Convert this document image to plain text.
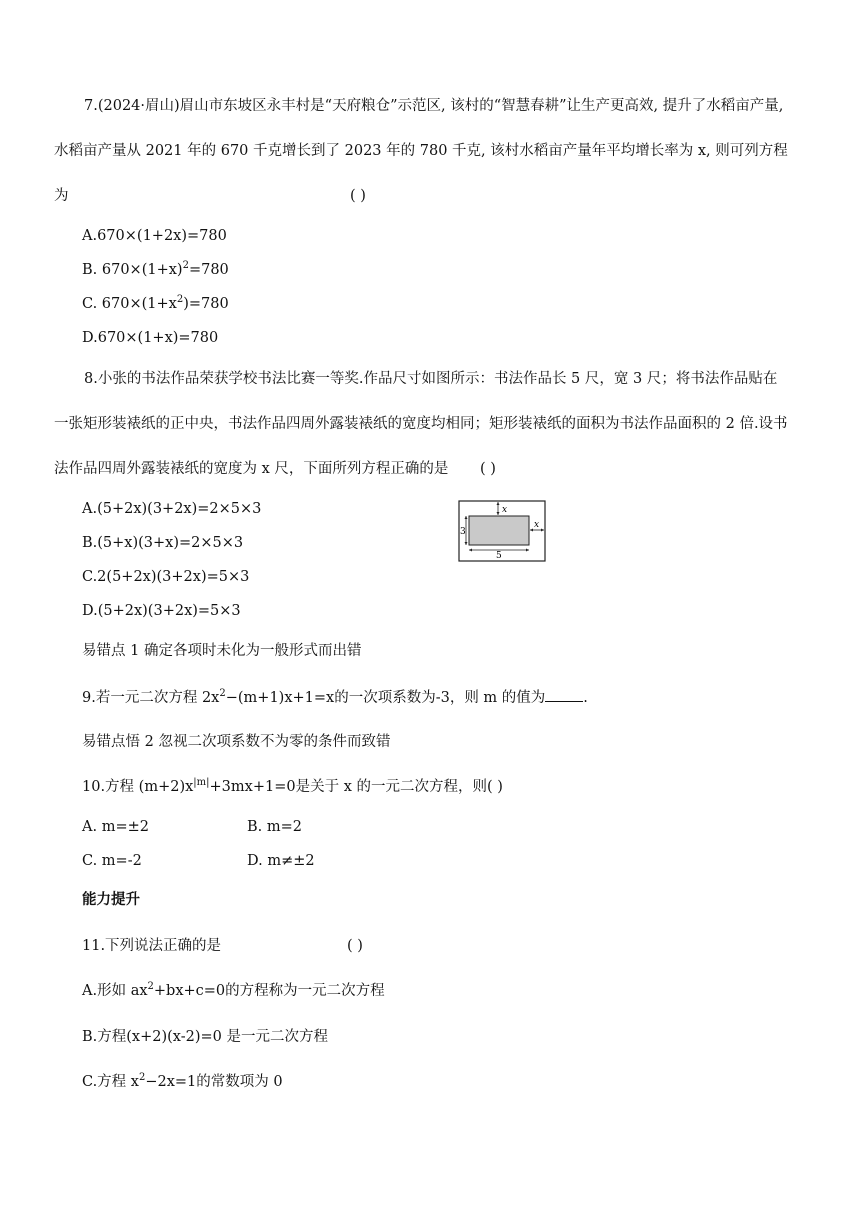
7.(2024·眉山)眉山市东坡区永丰村是“天府粮仓”示范区, 该村的“智慧春耕”让生产更高效, 提升了水稻亩产量,
水稻亩产量从 2021 年的 670 千克增长到了 2023 年的 780 千克, 该村水稻亩产量年平均增长率为 x, 则可列方程
为	( )
A.670×(1+2x)=780
B. $670\times(1+x)^2=780$
C. $670\times(1+x^2)=780$
D.670×(1+x)=780
8.小张的书法作品荣获学校书法比赛一等奖.作品尺寸如图所示：书法作品长 5 尺，宽 3 尺；将书法作品贴在
一张矩形装裱纸的正中央，书法作品四周外露装裱纸的宽度均相同；矩形装裱纸的面积为书法作品面积的 2 倍.设书
法作品四周外露装裱纸的宽度为 x 尺，下面所列方程正确的是 ( )
A.(5+2x)(3+2x)=2×5×3
B.(5+x)(3+x)=2×5×3
C.2(5+2x)(3+2x)=5×3
D.(5+2x)(3+2x)=5×3
x
x
3
5
易错点 1 确定各项时未化为一般形式而出错
9.若一元二次方程 $2x^2-(m+1)x+1=x$的一次项系数为-3，则 m 的值为	.
易错点悟 2 忽视二次项系数不为零的条件而致错
10.方程 $(m+2)x^{|m|}+3mx+1=0$是关于 x 的一元二次方程，则( )
A. m=±2	B. m=2
C. m=-2	D. m≠±2
能力提升
11.下列说法正确的是	( )
A.形如 $ax^2+bx+c=0$的方程称为一元二次方程
B.方程(x+2)(x-2)=0 是一元二次方程
C.方程 $x^2-2x=1$的常数项为 0
